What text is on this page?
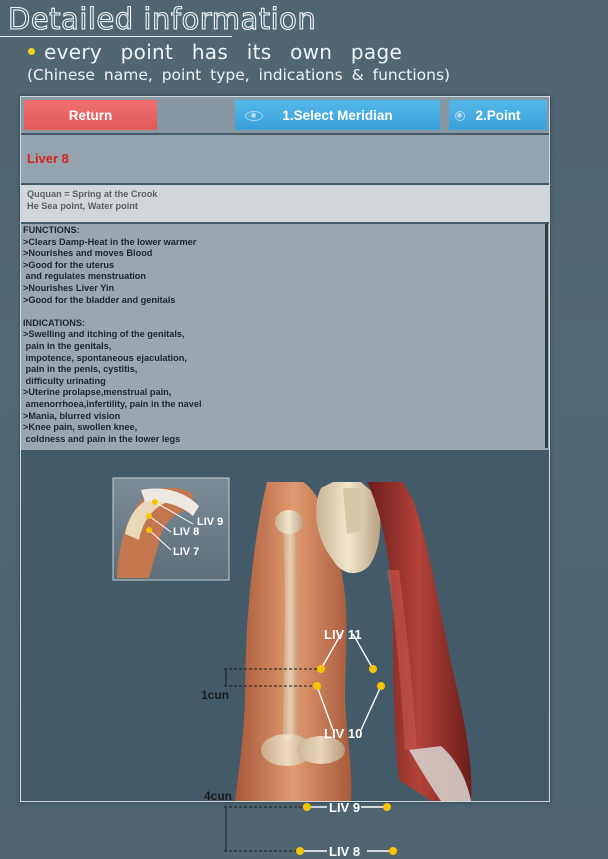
Detailed information
every point has its own page
(Chinese name, point type, indications & functions)
Return	1.Select Meridian	2.Point
Liver 8
Ququan = Spring at the Crook
He Sea point, Water point
FUNCTIONS:
>Clears Damp-Heat in the lower warmer
>Nourishes and moves Blood
>Good for the uterus
and regulates menstruation
>Nourishes Liver Yin
>Good for the bladder and genitals
INDICATIONS:
>Swelling and itching of the genitals,
pain in the genitals,
impotence, spontaneous ejaculation,
pain in the penis, cystitis,
difficulty urinating
>Uterine prolapse,menstrual pain,
amenorrhoea,infertility, pain in the navel
>Mania, blurred vision
>Knee pain, swollen knee,
coldness and pain in the lower legs
LIV 9
LIV 8
LIV 7
LIV 11
LIV 10
LIV 9
LIV 8
1cun
4cun
